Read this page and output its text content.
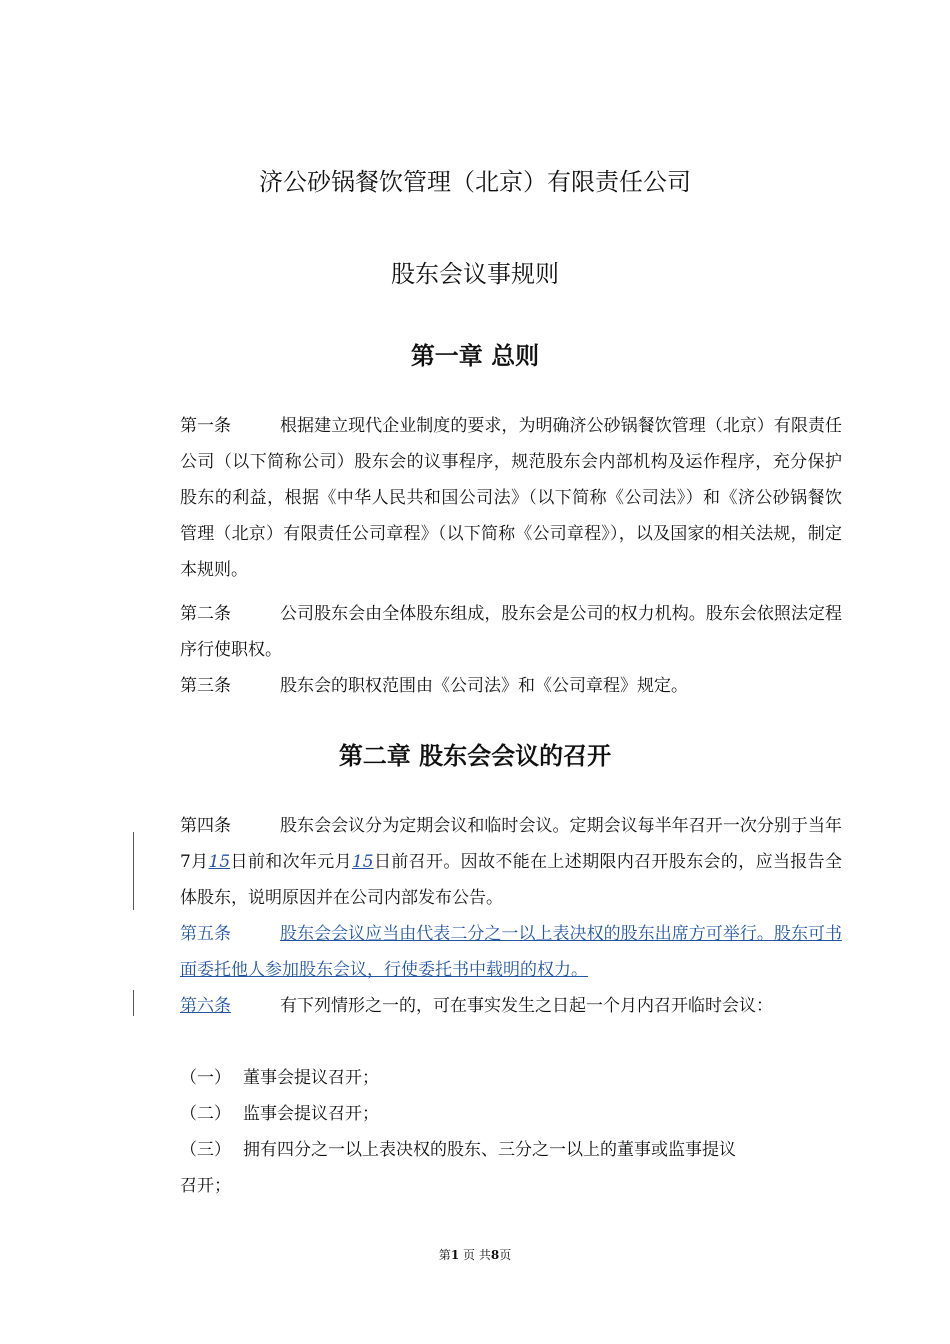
济公砂锅餐饮管理（北京）有限责任公司
股东会议事规则
第一章 总则

第一条	根据建立现代企业制度的要求，为明确济公砂锅餐饮管理（北京）有限责任公司（以下简称公司）股东会的议事程序，规范股东会内部机构及运作程序，充分保护股东的利益，根据《中华人民共和国公司法》（以下简称《公司法》）和《济公砂锅餐饮管理（北京）有限责任公司章程》（以下简称《公司章程》），以及国家的相关法规，制定本规则。

第二条	公司股东会由全体股东组成，股东会是公司的权力机构。股东会依照法定程序行使职权。

第三条	股东会的职权范围由《公司法》和《公司章程》规定。

第二章 股东会会议的召开

第四条	股东会会议分为定期会议和临时会议。定期会议每半年召开一次分别于当年7月15日前和次年元月15日前召开。因故不能在上述期限内召开股东会的，应当报告全体股东，说明原因并在公司内部发布公告。

第五条	股东会会议应当由代表二分之一以上表决权的股东出席方可举行。股东可书面委托他人参加股东会议，行使委托书中载明的权力。

第六条	有下列情形之一的，可在事实发生之日起一个月内召开临时会议：

（一） 董事会提议召开；

（二） 监事会提议召开；

（三） 拥有四分之一以上表决权的股东、三分之一以上的董事或监事提议
召开；

第1 页 共8页
